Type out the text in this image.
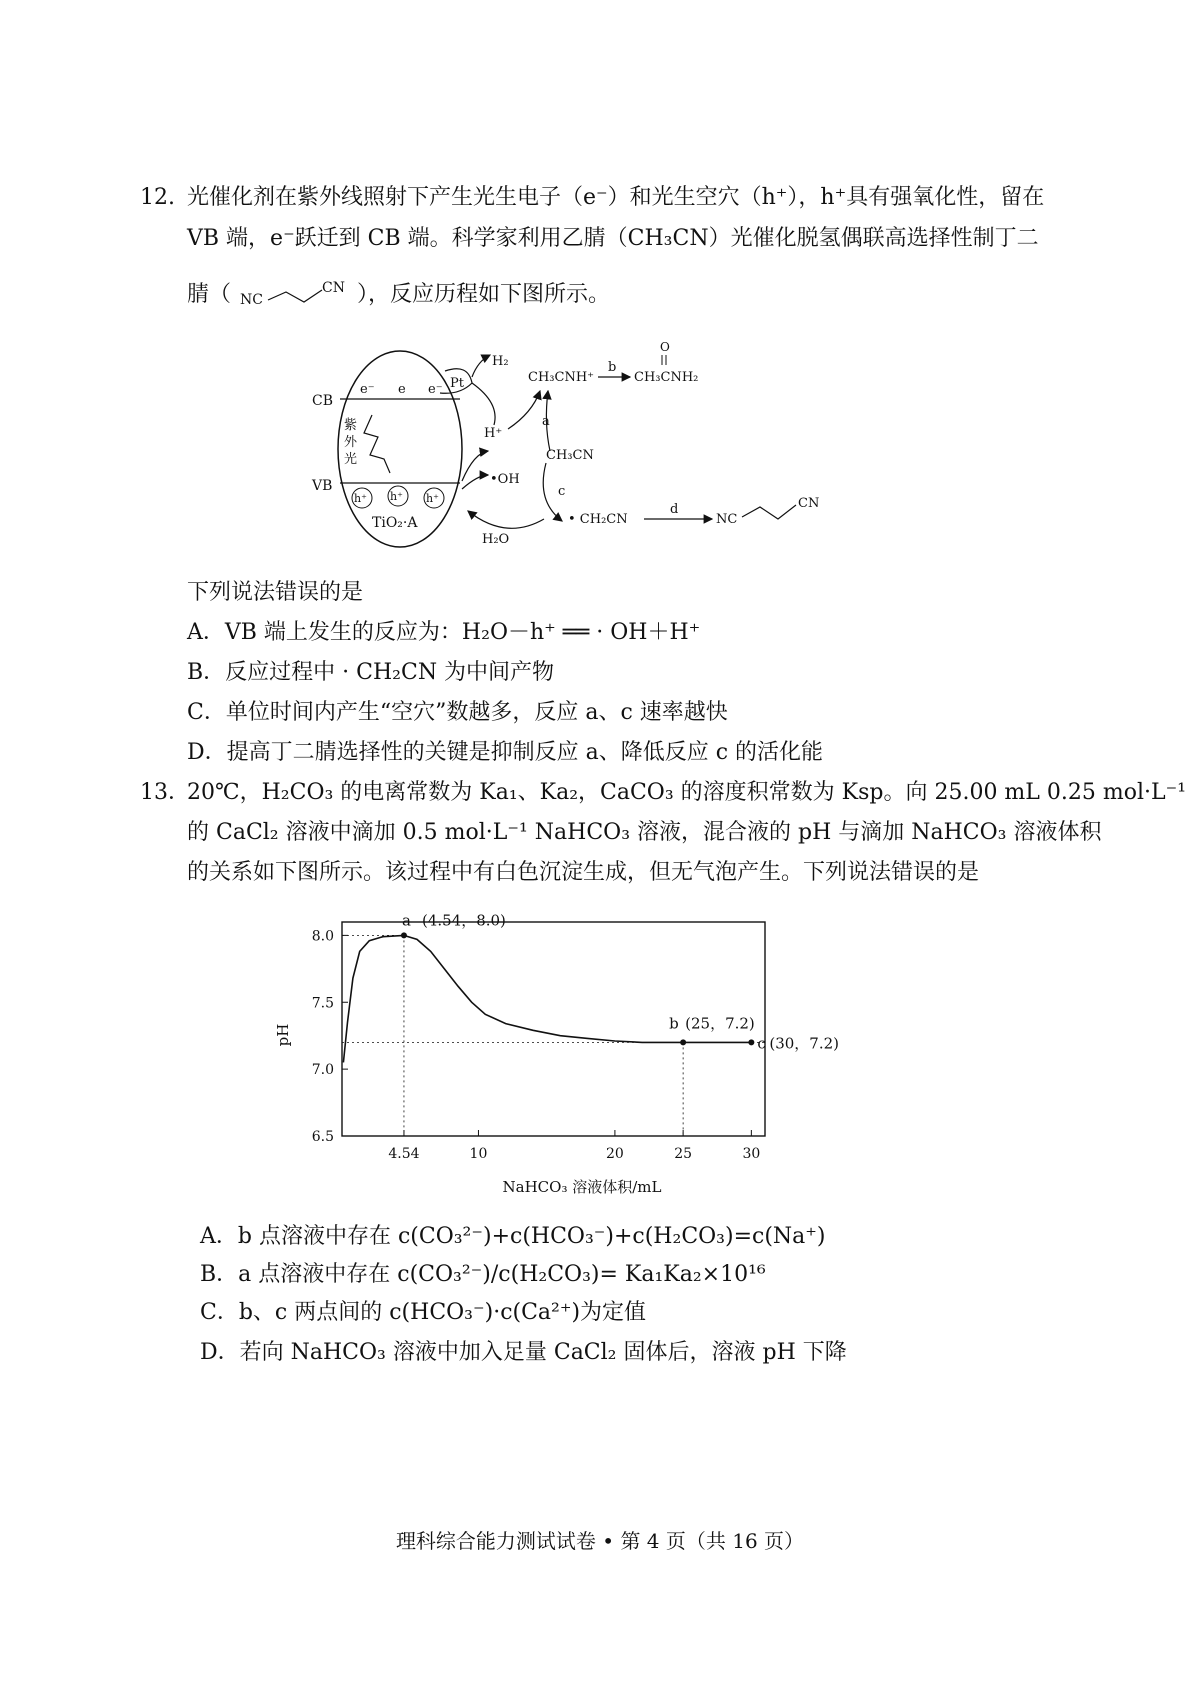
12. 光催化剂在紫外线照射下产生光生电子（e⁻）和光生空穴（h⁺），h⁺具有强氧化性，留在
VB 端，e⁻跃迁到 CB 端。科学家利用乙腈（CH₃CN）光催化脱氢偶联高选择性制丁二
腈（ NC
CN ），反应历程如下图所示。
CB
VB
e⁻ e e⁻ Pt
紫
外
光
h⁺ h⁺ h⁺
TiO₂·A
H₂
H⁺
•OH
H₂O
CH₃CNH⁺
b
O
CH₃CNH₂
a
CH₃CN
c
• CH₂CN
d
NC
CN
下列说法错误的是
A．VB 端上发生的反应为：H₂O－h⁺ ══ · OH＋H⁺
B．反应过程中 · CH₂CN 为中间产物
C．单位时间内产生“空穴”数越多，反应 a、c 速率越快
D．提高丁二腈选择性的关键是抑制反应 a、降低反应 c 的活化能
13．
20℃，H₂CO₃ 的电离常数为 Ka₁、Ka₂，CaCO₃ 的溶度积常数为 Ksp。向 25.00 mL 0.25 mol·L⁻¹
的 CaCl₂ 溶液中滴加 0.5 mol·L⁻¹ NaHCO₃ 溶液，混合液的 pH 与滴加 NaHCO₃ 溶液体积
的关系如下图所示。该过程中有白色沉淀生成，但无气泡产生。下列说法错误的是
4.54	10	20	25	30
6.5
7.0
7.5
8.0
a (4.54，8.0)
b (25，7.2)
c (30，7.2)
pH
NaHCO₃ 溶液体积/mL
A．b 点溶液中存在 c(CO₃²⁻)+c(HCO₃⁻)+c(H₂CO₃)=c(Na⁺)
B．a 点溶液中存在 c(CO₃²⁻)/c(H₂CO₃)= Ka₁Ka₂×10¹⁶
C．b、c 两点间的 c(HCO₃⁻)·c(Ca²⁺)为定值
D．若向 NaHCO₃ 溶液中加入足量 CaCl₂ 固体后，溶液 pH 下降
理科综合能力测试试卷 • 第 4 页（共 16 页）
